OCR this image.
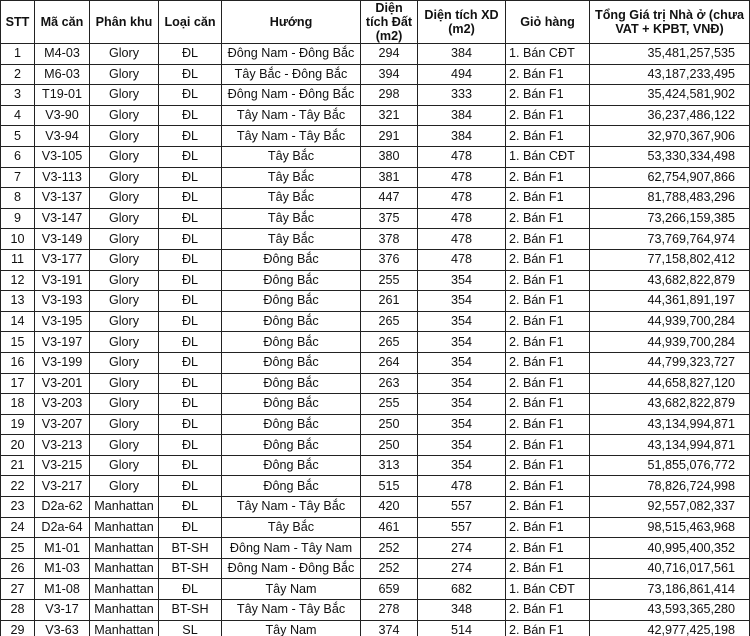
STT	Mã căn	Phân khu	Loại căn	Hướng	Diện tích Đất (m2)	Diện tích XD (m2)	Giỏ hàng	Tổng Giá trị Nhà ở (chưa VAT + KPBT, VNĐ)
1	M4-03	Glory	ĐL	Đông Nam - Đông Bắc	294	384	1. Bán CĐT	35,481,257,535
2	M6-03	Glory	ĐL	Tây Bắc - Đông Bắc	394	494	2. Bán F1	43,187,233,495
3	T19-01	Glory	ĐL	Đông Nam - Đông Bắc	298	333	2. Bán F1	35,424,581,902
4	V3-90	Glory	ĐL	Tây Nam - Tây Bắc	321	384	2. Bán F1	36,237,486,122
5	V3-94	Glory	ĐL	Tây Nam - Tây Bắc	291	384	2. Bán F1	32,970,367,906
6	V3-105	Glory	ĐL	Tây Bắc	380	478	1. Bán CĐT	53,330,334,498
7	V3-113	Glory	ĐL	Tây Bắc	381	478	2. Bán F1	62,754,907,866
8	V3-137	Glory	ĐL	Tây Bắc	447	478	2. Bán F1	81,788,483,296
9	V3-147	Glory	ĐL	Tây Bắc	375	478	2. Bán F1	73,266,159,385
10	V3-149	Glory	ĐL	Tây Bắc	378	478	2. Bán F1	73,769,764,974
11	V3-177	Glory	ĐL	Đông Bắc	376	478	2. Bán F1	77,158,802,412
12	V3-191	Glory	ĐL	Đông Bắc	255	354	2. Bán F1	43,682,822,879
13	V3-193	Glory	ĐL	Đông Bắc	261	354	2. Bán F1	44,361,891,197
14	V3-195	Glory	ĐL	Đông Bắc	265	354	2. Bán F1	44,939,700,284
15	V3-197	Glory	ĐL	Đông Bắc	265	354	2. Bán F1	44,939,700,284
16	V3-199	Glory	ĐL	Đông Bắc	264	354	2. Bán F1	44,799,323,727
17	V3-201	Glory	ĐL	Đông Bắc	263	354	2. Bán F1	44,658,827,120
18	V3-203	Glory	ĐL	Đông Bắc	255	354	2. Bán F1	43,682,822,879
19	V3-207	Glory	ĐL	Đông Bắc	250	354	2. Bán F1	43,134,994,871
20	V3-213	Glory	ĐL	Đông Bắc	250	354	2. Bán F1	43,134,994,871
21	V3-215	Glory	ĐL	Đông Bắc	313	354	2. Bán F1	51,855,076,772
22	V3-217	Glory	ĐL	Đông Bắc	515	478	2. Bán F1	78,826,724,998
23	D2a-62	Manhattan	ĐL	Tây Nam - Tây Bắc	420	557	2. Bán F1	92,557,082,337
24	D2a-64	Manhattan	ĐL	Tây Bắc	461	557	2. Bán F1	98,515,463,968
25	M1-01	Manhattan	BT-SH	Đông Nam - Tây Nam	252	274	2. Bán F1	40,995,400,352
26	M1-03	Manhattan	BT-SH	Đông Nam - Đông Bắc	252	274	2. Bán F1	40,716,017,561
27	M1-08	Manhattan	ĐL	Tây Nam	659	682	1. Bán CĐT	73,186,861,414
28	V3-17	Manhattan	BT-SH	Tây Nam - Tây Bắc	278	348	2. Bán F1	43,593,365,280
29	V3-63	Manhattan	SL	Tây Nam	374	514	2. Bán F1	42,977,425,198
